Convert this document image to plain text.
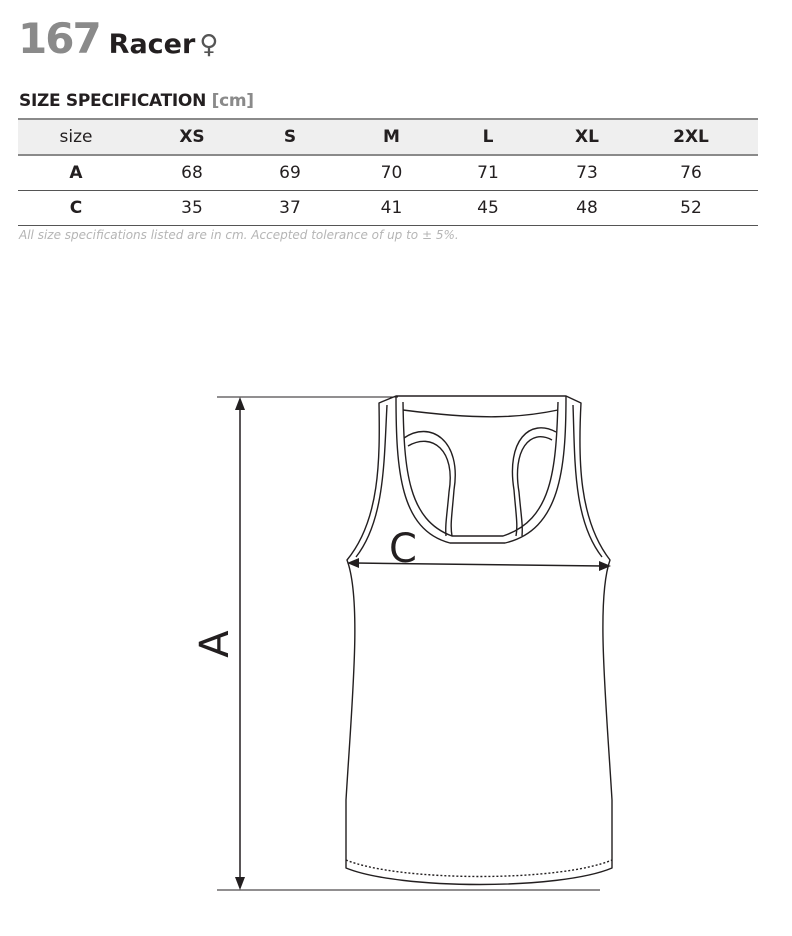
167 Racer ♀
SIZE SPECIFICATION [cm]
size	XS	S	M	L	XL	2XL	
A	68	69	70	71	73	76	
C	35	37	41	45	48	52	
All size specifications listed are in cm. Accepted tolerance of up to ± 5%.
A
C
